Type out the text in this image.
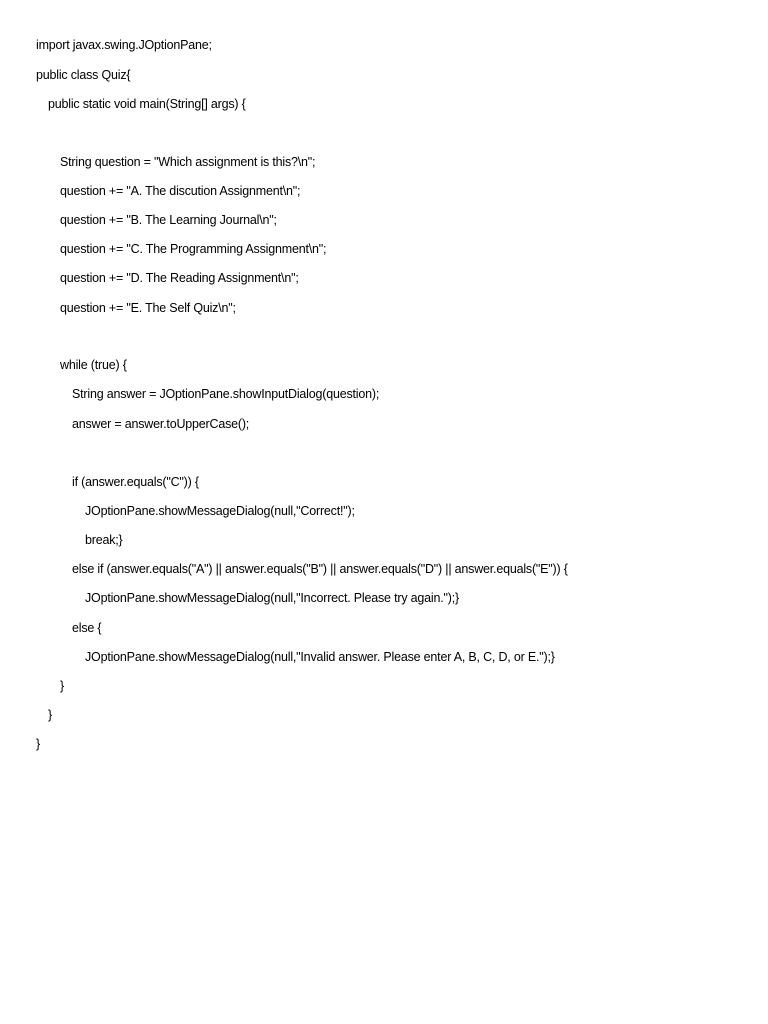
import javax.swing.JOptionPane;
public class Quiz{
public static void main(String[] args) {
String question = "Which assignment is this?\n";
question += "A. The discution Assignment\n";
question += "B. The Learning Journal\n";
question += "C. The Programming Assignment\n";
question += "D. The Reading Assignment\n";
question += "E. The Self Quiz\n";
while (true) {
String answer = JOptionPane.showInputDialog(question);
answer = answer.toUpperCase();
if (answer.equals("C")) {
JOptionPane.showMessageDialog(null,"Correct!");
break;}
else if (answer.equals("A") || answer.equals("B") || answer.equals("D") || answer.equals("E")) {
JOptionPane.showMessageDialog(null,"Incorrect. Please try again.");}
else {
JOptionPane.showMessageDialog(null,"Invalid answer. Please enter A, B, C, D, or E.");}
}
}
}
